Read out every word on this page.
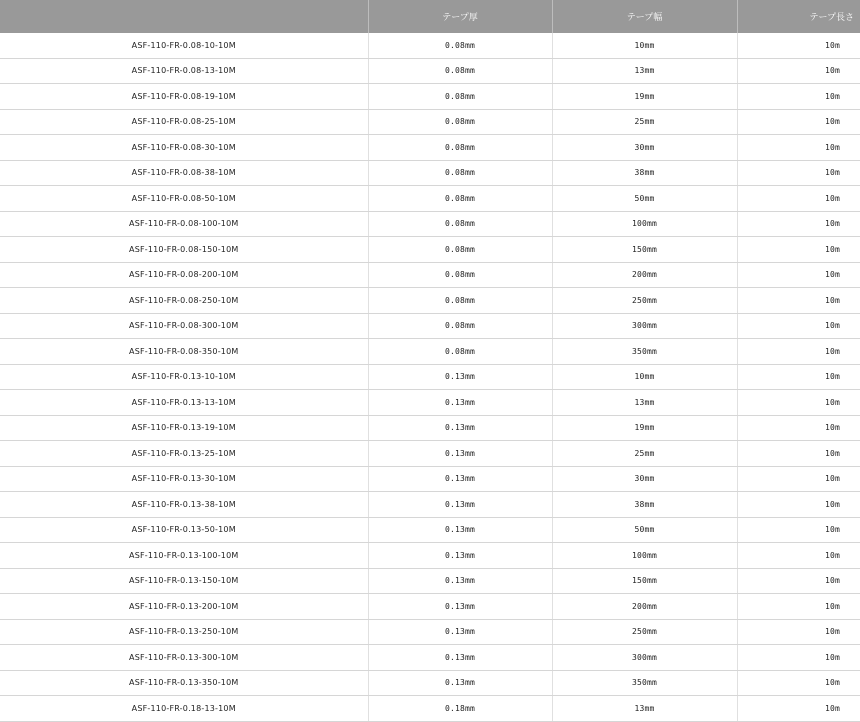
	テープ厚	テープ幅	テープ長さ
ASF-110-FR-0.08-10-10M	0.08mm	10mm	10m
ASF-110-FR-0.08-13-10M	0.08mm	13mm	10m
ASF-110-FR-0.08-19-10M	0.08mm	19mm	10m
ASF-110-FR-0.08-25-10M	0.08mm	25mm	10m
ASF-110-FR-0.08-30-10M	0.08mm	30mm	10m
ASF-110-FR-0.08-38-10M	0.08mm	38mm	10m
ASF-110-FR-0.08-50-10M	0.08mm	50mm	10m
ASF-110-FR-0.08-100-10M	0.08mm	100mm	10m
ASF-110-FR-0.08-150-10M	0.08mm	150mm	10m
ASF-110-FR-0.08-200-10M	0.08mm	200mm	10m
ASF-110-FR-0.08-250-10M	0.08mm	250mm	10m
ASF-110-FR-0.08-300-10M	0.08mm	300mm	10m
ASF-110-FR-0.08-350-10M	0.08mm	350mm	10m
ASF-110-FR-0.13-10-10M	0.13mm	10mm	10m
ASF-110-FR-0.13-13-10M	0.13mm	13mm	10m
ASF-110-FR-0.13-19-10M	0.13mm	19mm	10m
ASF-110-FR-0.13-25-10M	0.13mm	25mm	10m
ASF-110-FR-0.13-30-10M	0.13mm	30mm	10m
ASF-110-FR-0.13-38-10M	0.13mm	38mm	10m
ASF-110-FR-0.13-50-10M	0.13mm	50mm	10m
ASF-110-FR-0.13-100-10M	0.13mm	100mm	10m
ASF-110-FR-0.13-150-10M	0.13mm	150mm	10m
ASF-110-FR-0.13-200-10M	0.13mm	200mm	10m
ASF-110-FR-0.13-250-10M	0.13mm	250mm	10m
ASF-110-FR-0.13-300-10M	0.13mm	300mm	10m
ASF-110-FR-0.13-350-10M	0.13mm	350mm	10m
ASF-110-FR-0.18-13-10M	0.18mm	13mm	10m
